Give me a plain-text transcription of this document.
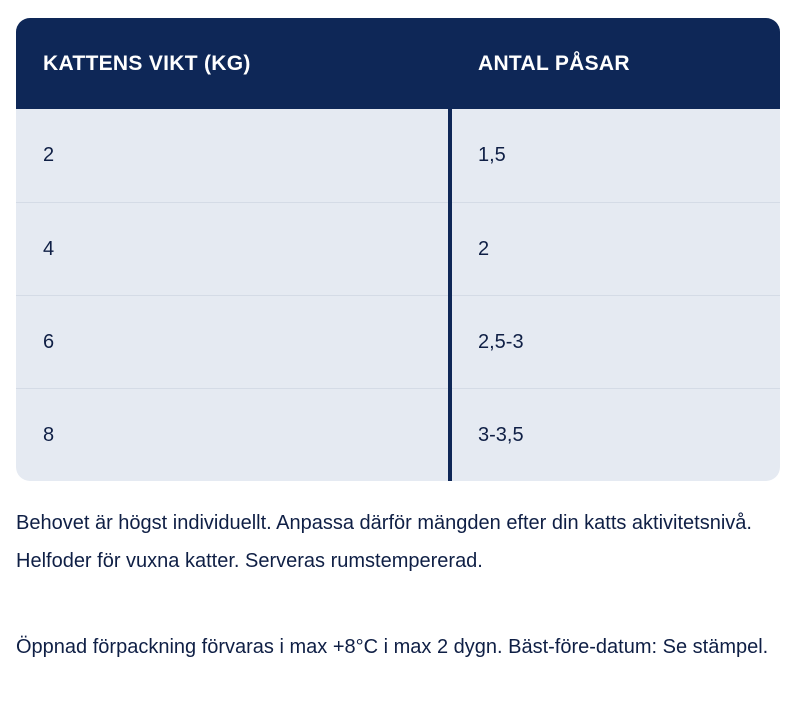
KATTENS VIKT (KG)	ANTAL PÅSAR
2	1,5
4	2
6	2,5-3
8	3-3,5

Behovet är högst individuellt. Anpassa därför mängden efter din katts aktivitetsnivå. Helfoder för vuxna katter. Serveras rumstempererad.

Öppnad förpackning förvaras i max +8°C i max 2 dygn. Bäst-före-datum: Se stämpel.
